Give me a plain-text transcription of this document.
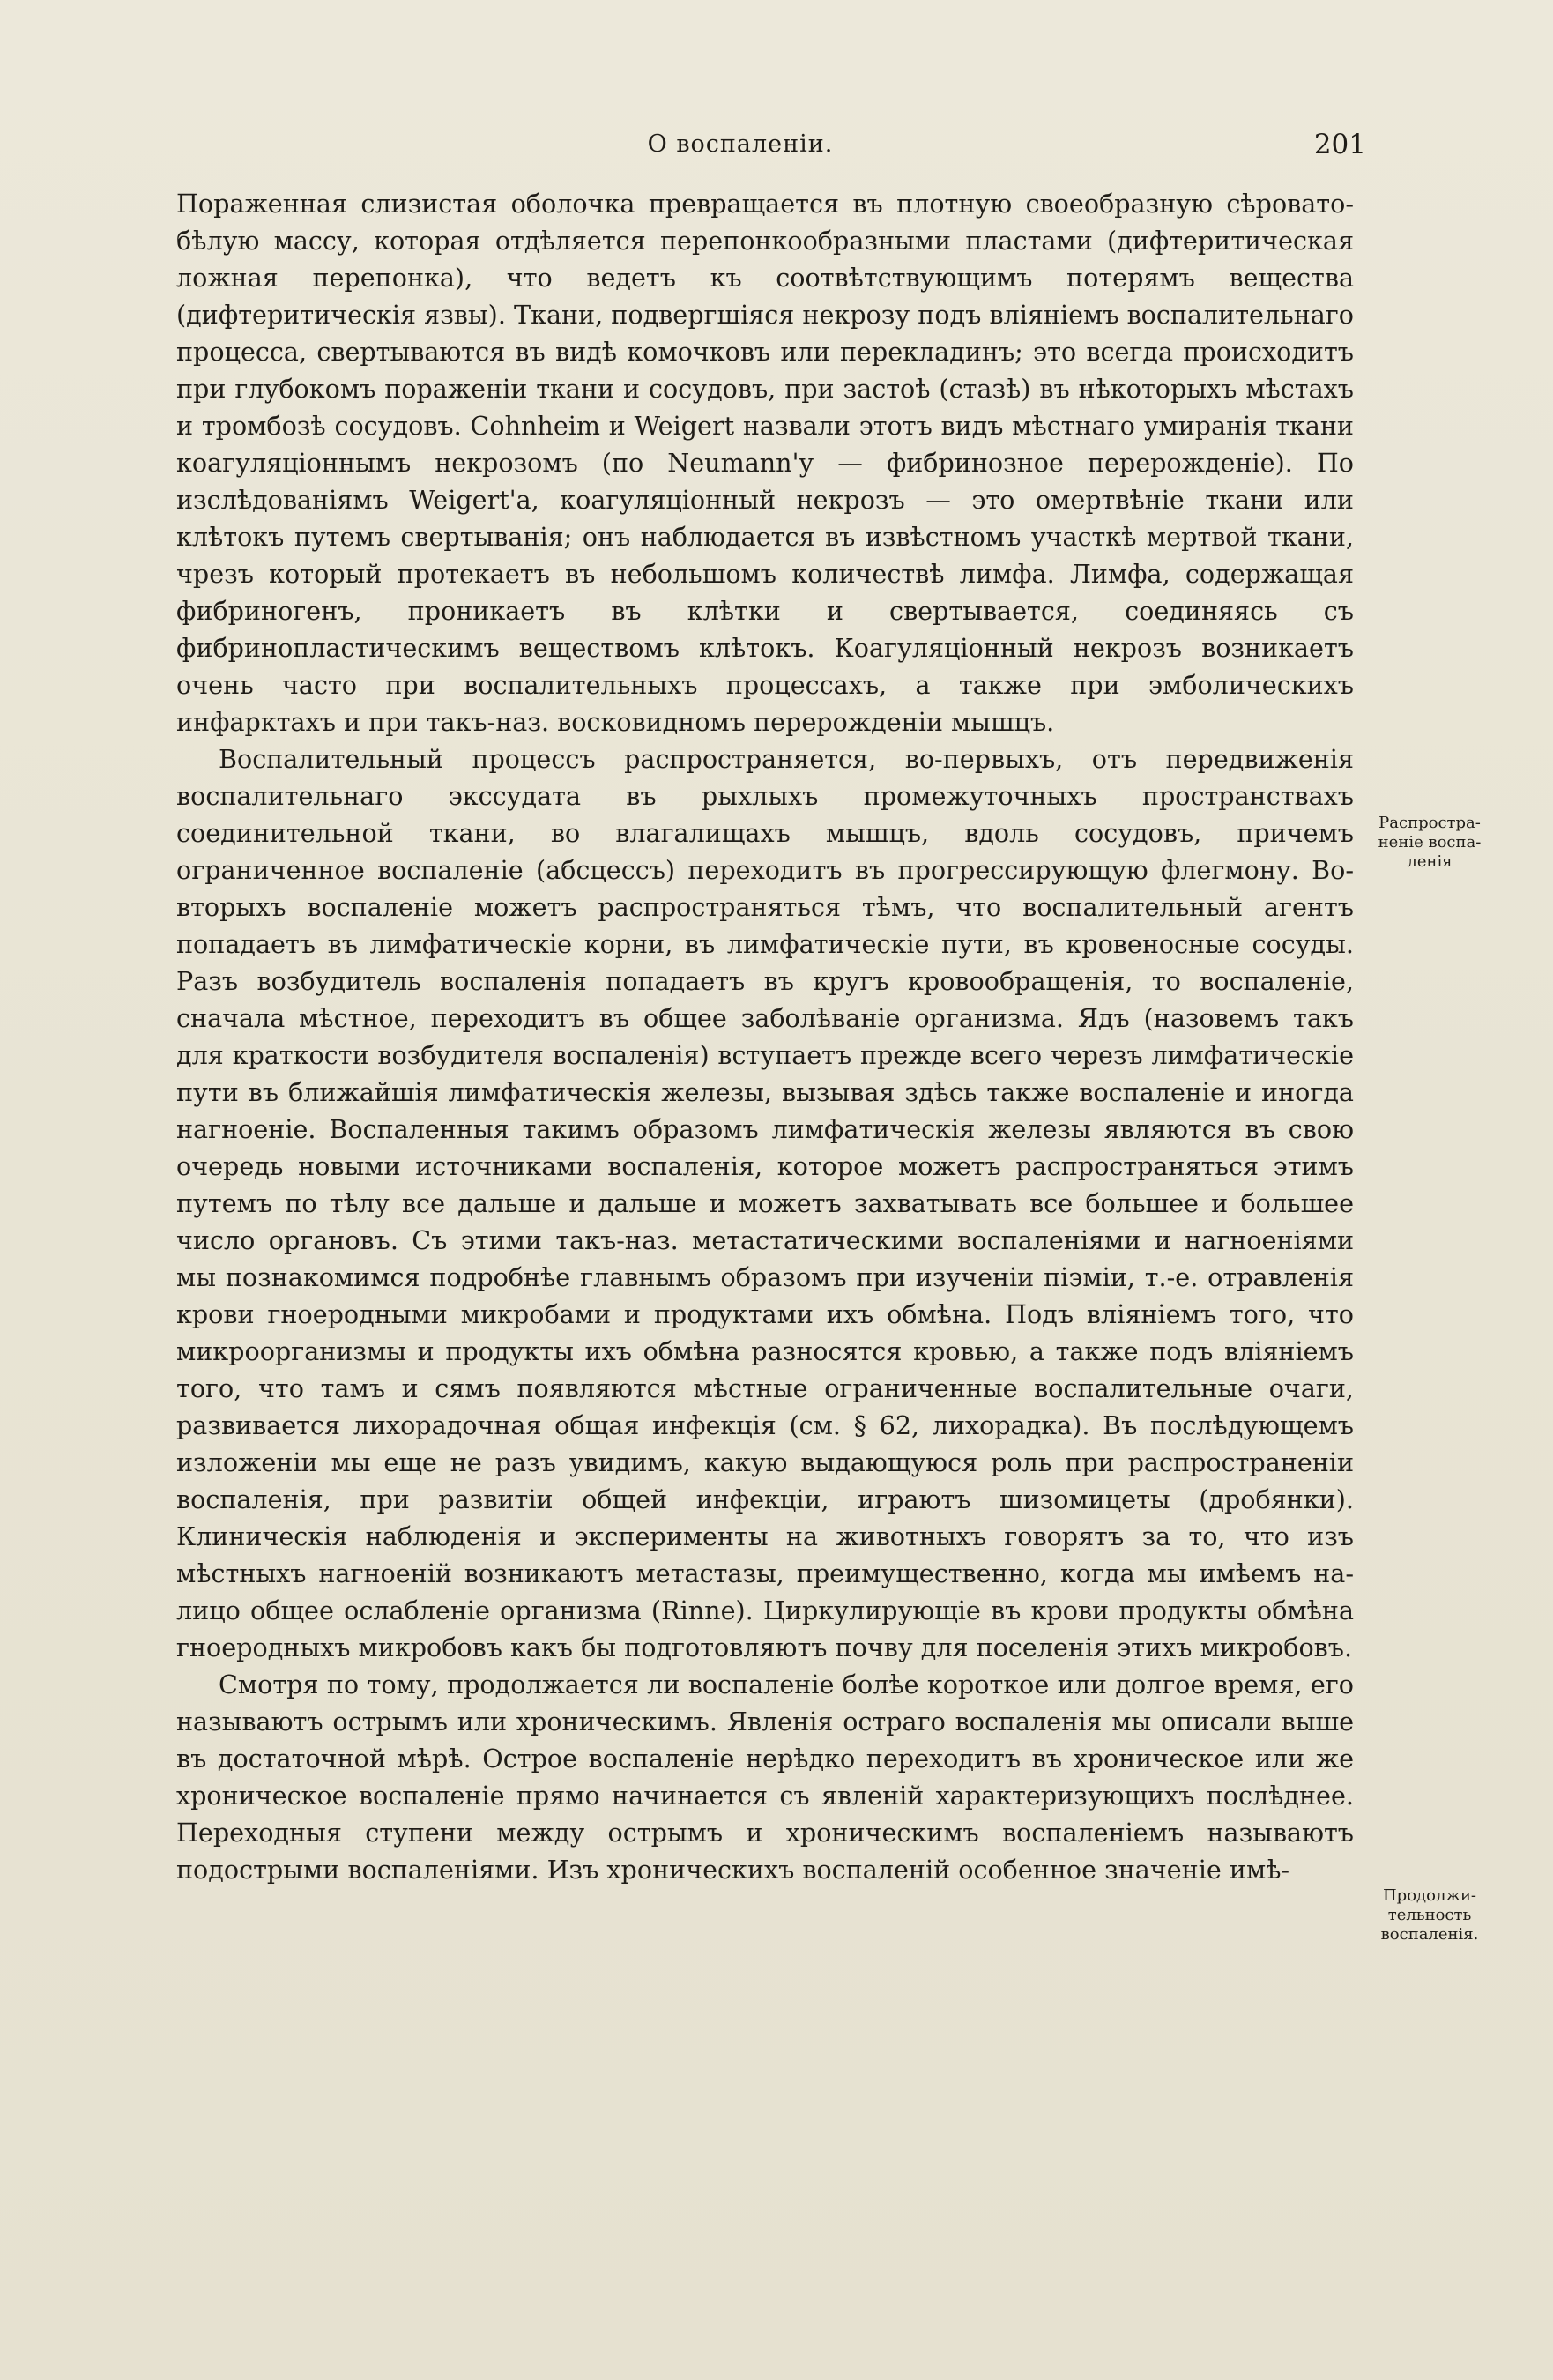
О воспаленіи.	201

Пораженная слизистая оболочка превращается въ плотную своеобразную сѣровато-бѣлую массу, которая отдѣляется перепонкообразными пластами (дифтеритическая ложная перепонка), что ведетъ къ соотвѣтствующимъ потерямъ вещества (дифтеритическія язвы). Ткани, подвергшіяся некрозу подъ вліяніемъ воспалительнаго процесса, свертываются въ видѣ комочковъ или перекладинъ; это всегда происходитъ при глубокомъ пораженіи ткани и сосудовъ, при застоѣ (стазѣ) въ нѣкоторыхъ мѣстахъ и тромбозѣ сосудовъ. Cohnheim и Weigert назвали этотъ видъ мѣстнаго умиранія ткани коагуляціоннымъ некрозомъ (по Neumann'у — фибринозное перерожденіе). По изслѣдованіямъ Weigert'а, коагуляціонный некрозъ — это омертвѣніе ткани или клѣтокъ путемъ свертыванія; онъ наблюдается въ извѣстномъ участкѣ мертвой ткани, чрезъ который протекаетъ въ небольшомъ количествѣ лимфа. Лимфа, содержащая фибриногенъ, проникаетъ въ клѣтки и свертывается, соединяясь съ фибринопластическимъ веществомъ клѣтокъ. Коагуляціонный некрозъ возникаетъ очень часто при воспалительныхъ процессахъ, а также при эмболическихъ инфарктахъ и при такъ-наз. восковидномъ перерожденіи мышцъ.

Воспалительный процессъ распространяется, во-первыхъ, отъ передвиженія воспалительнаго экссудата въ рыхлыхъ промежуточныхъ пространствахъ соединительной ткани, во влагалищахъ мышцъ, вдоль сосудовъ, причемъ ограниченное воспаленіе (абсцессъ) переходитъ въ прогрессирующую флегмону. Во-вторыхъ воспаленіе можетъ распространяться тѣмъ, что воспалительный агентъ попадаетъ въ лимфатическіе корни, въ лимфатическіе пути, въ кровеносные сосуды. Разъ возбудитель воспаленія попадаетъ въ кругъ кровообращенія, то воспаленіе, сначала мѣстное, переходитъ въ общее заболѣваніе организма. Ядъ (назовемъ такъ для краткости возбудителя воспаленія) вступаетъ прежде всего черезъ лимфатическіе пути въ ближайшія лимфатическія железы, вызывая здѣсь также воспаленіе и иногда нагноеніе. Воспаленныя такимъ образомъ лимфатическія железы являются въ свою очередь новыми источниками воспаленія, которое можетъ распространяться этимъ путемъ по тѣлу все дальше и дальше и можетъ захватывать все большее и большее число органовъ. Съ этими такъ-наз. метастатическими воспаленіями и нагноеніями мы познакомимся подробнѣе главнымъ образомъ при изученіи піэміи, т.-е. отравленія крови гноеродными микробами и продуктами ихъ обмѣна. Подъ вліяніемъ того, что микроорганизмы и продукты ихъ обмѣна разносятся кровью, а также подъ вліяніемъ того, что тамъ и сямъ появляются мѣстные ограниченные воспалительные очаги, развивается лихорадочная общая инфекція (см. § 62, лихорадка). Въ послѣдующемъ изложеніи мы еще не разъ увидимъ, какую выдающуюся роль при распространеніи воспаленія, при развитіи общей инфекціи, играютъ шизомицеты (дробянки). Клиническія наблюденія и эксперименты на животныхъ говорятъ за то, что изъ мѣстныхъ нагноеній возникаютъ метастазы, преимущественно, когда мы имѣемъ на-лицо общее ослабленіе организма (Rinne). Циркулирующіе въ крови продукты обмѣна гноеродныхъ микробовъ какъ бы подготовляютъ почву для поселенія этихъ микробовъ.

Смотря по тому, продолжается ли воспаленіе болѣе короткое или долгое время, его называютъ острымъ или хроническимъ. Явленія остраго воспаленія мы описали выше въ достаточной мѣрѣ. Острое воспаленіе нерѣдко переходитъ въ хроническое или же хроническое воспаленіе прямо начинается съ явленій характеризующихъ послѣднее. Переходныя ступени между острымъ и хроническимъ воспаленіемъ называютъ подострыми воспаленіями. Изъ хроническихъ воспаленій особенное значеніе имѣ-

Распростра-неніе воспа-ленія
Продолжи-тельность воспаленія.
